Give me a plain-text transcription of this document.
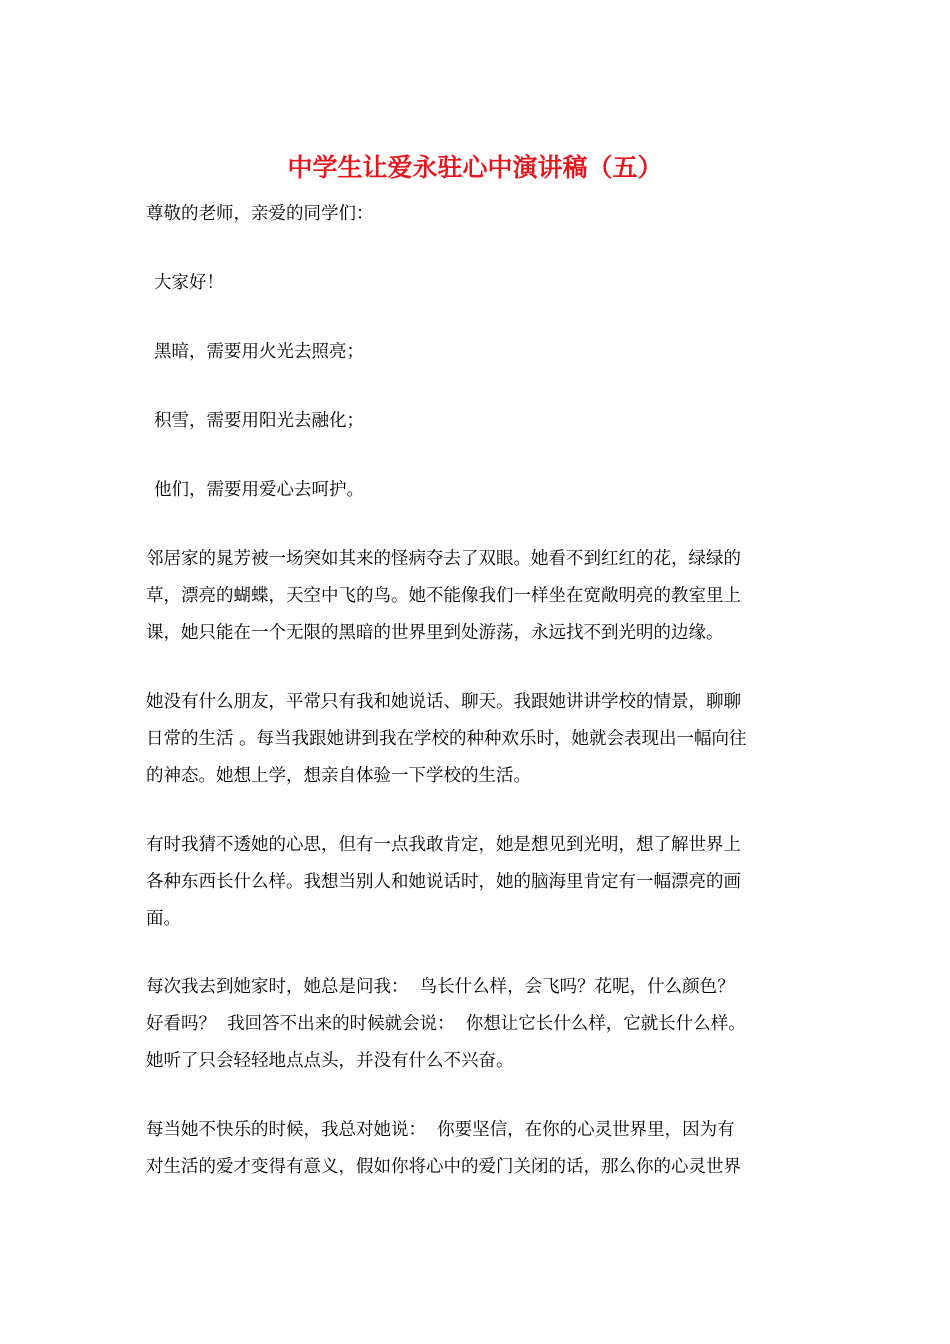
中学生让爱永驻心中演讲稿（五）

尊敬的老师，亲爱的同学们：

大家好！

黑暗，需要用火光去照亮；

积雪，需要用阳光去融化；

他们，需要用爱心去呵护。

邻居家的晁芳被一场突如其来的怪病夺去了双眼。她看不到红红的花，绿绿的
草，漂亮的蝴蝶，天空中飞的鸟。她不能像我们一样坐在宽敞明亮的教室里上
课，她只能在一个无限的黑暗的世界里到处游荡，永远找不到光明的边缘。

她没有什么朋友，平常只有我和她说话、聊天。我跟她讲讲学校的情景，聊聊
日常的生活 。每当我跟她讲到我在学校的种种欢乐时，她就会表现出一幅向往
的神态。她想上学，想亲自体验一下学校的生活。

有时我猜不透她的心思，但有一点我敢肯定，她是想见到光明，想了解世界上
各种东西长什么样。我想当别人和她说话时，她的脑海里肯定有一幅漂亮的画
面。

每次我去到她家时，她总是问我：  鸟长什么样，会飞吗？花呢，什么颜色？
好看吗？  我回答不出来的时候就会说：  你想让它长什么样，它就长什么样。
她听了只会轻轻地点点头，并没有什么不兴奋。

每当她不快乐的时候，我总对她说：  你要坚信，在你的心灵世界里，因为有
对生活的爱才变得有意义，假如你将心中的爱门关闭的话，那么你的心灵世界
